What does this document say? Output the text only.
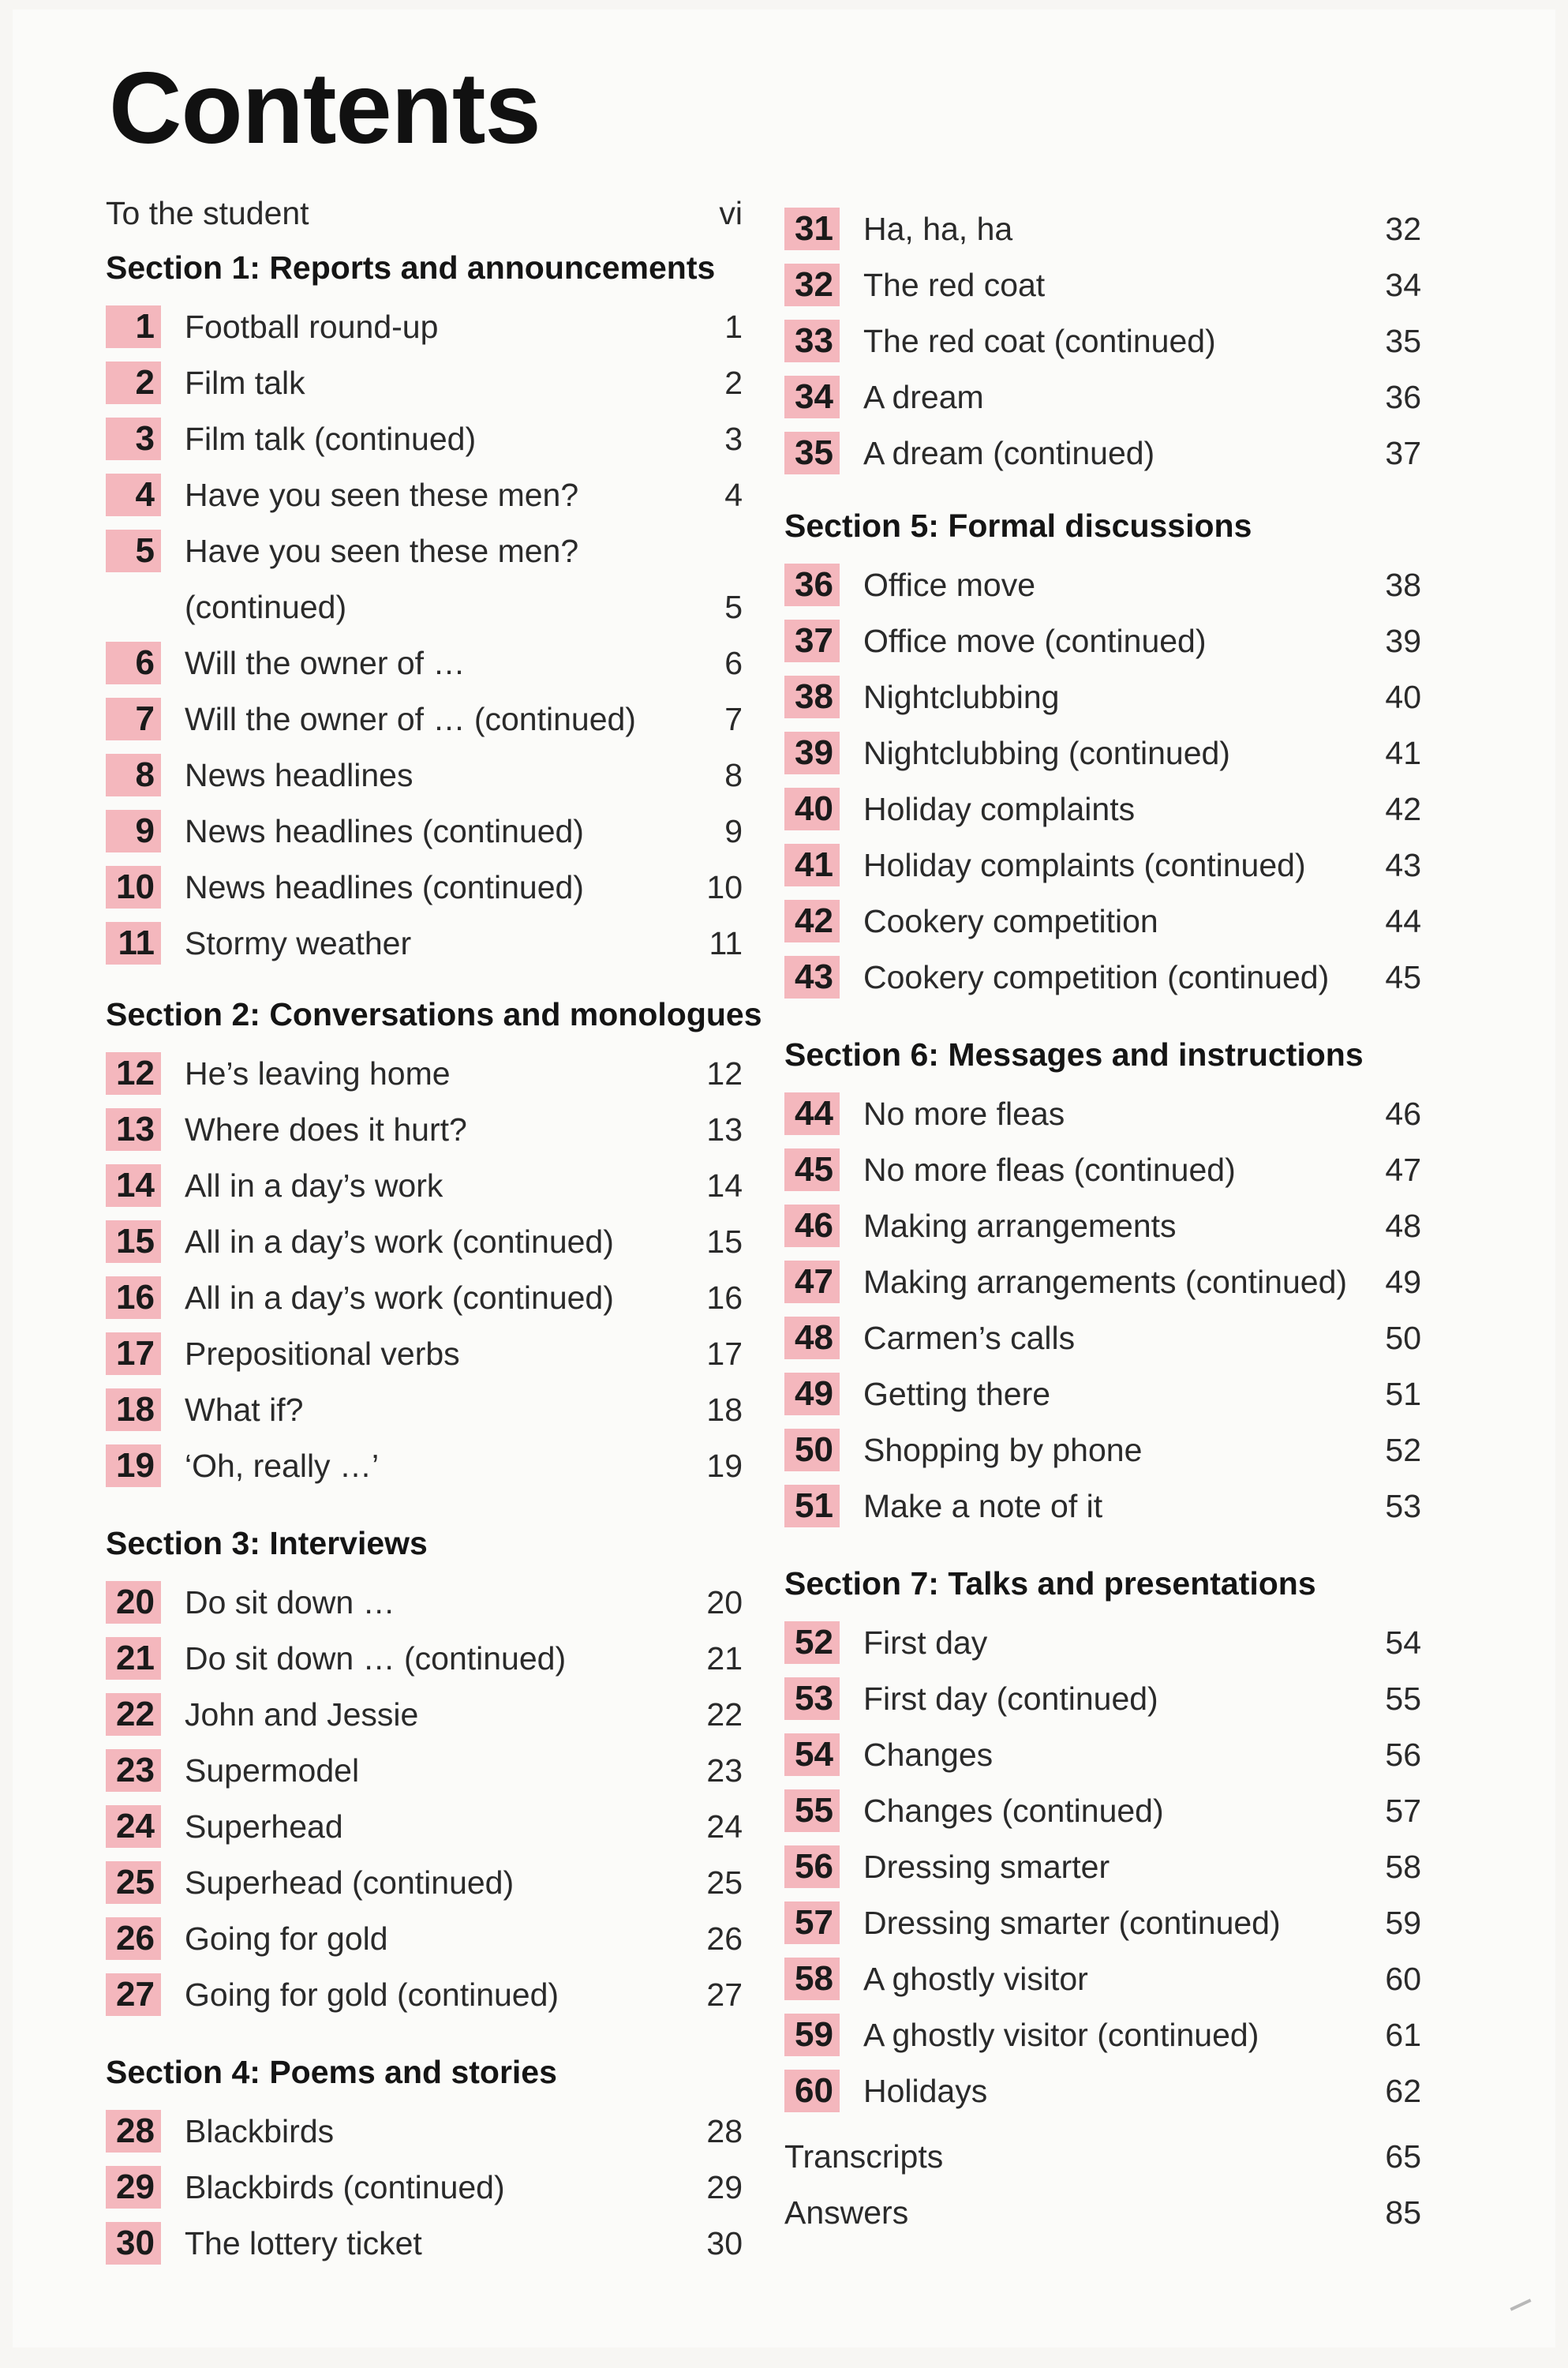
Contents
To the student	vi
Section 1: Reports and announcements
1 Football round-up	1
2 Film talk	2
3 Film talk (continued)	3
4 Have you seen these men?	4
5 Have you seen these men?
(continued)	5
6 Will the owner of …	6
7 Will the owner of … (continued)	7
8 News headlines	8
9 News headlines (continued)	9
10 News headlines (continued)	10
11 Stormy weather	11
Section 2: Conversations and monologues
12 He’s leaving home	12
13 Where does it hurt?	13
14 All in a day’s work	14
15 All in a day’s work (continued)	15
16 All in a day’s work (continued)	16
17 Prepositional verbs	17
18 What if?	18
19 ‘Oh, really …’	19
Section 3: Interviews
20 Do sit down …	20
21 Do sit down … (continued)	21
22 John and Jessie	22
23 Supermodel	23
24 Superhead	24
25 Superhead (continued)	25
26 Going for gold	26
27 Going for gold (continued)	27
Section 4: Poems and stories
28 Blackbirds	28
29 Blackbirds (continued)	29
30 The lottery ticket	30
31 Ha, ha, ha	32
32 The red coat	34
33 The red coat (continued)	35
34 A dream	36
35 A dream (continued)	37
Section 5: Formal discussions
36 Office move	38
37 Office move (continued)	39
38 Nightclubbing	40
39 Nightclubbing (continued)	41
40 Holiday complaints	42
41 Holiday complaints (continued)	43
42 Cookery competition	44
43 Cookery competition (continued)	45
Section 6: Messages and instructions
44 No more fleas	46
45 No more fleas (continued)	47
46 Making arrangements	48
47 Making arrangements (continued)	49
48 Carmen’s calls	50
49 Getting there	51
50 Shopping by phone	52
51 Make a note of it	53
Section 7: Talks and presentations
52 First day	54
53 First day (continued)	55
54 Changes	56
55 Changes (continued)	57
56 Dressing smarter	58
57 Dressing smarter (continued)	59
58 A ghostly visitor	60
59 A ghostly visitor (continued)	61
60 Holidays	62
Transcripts	65
Answers	85
